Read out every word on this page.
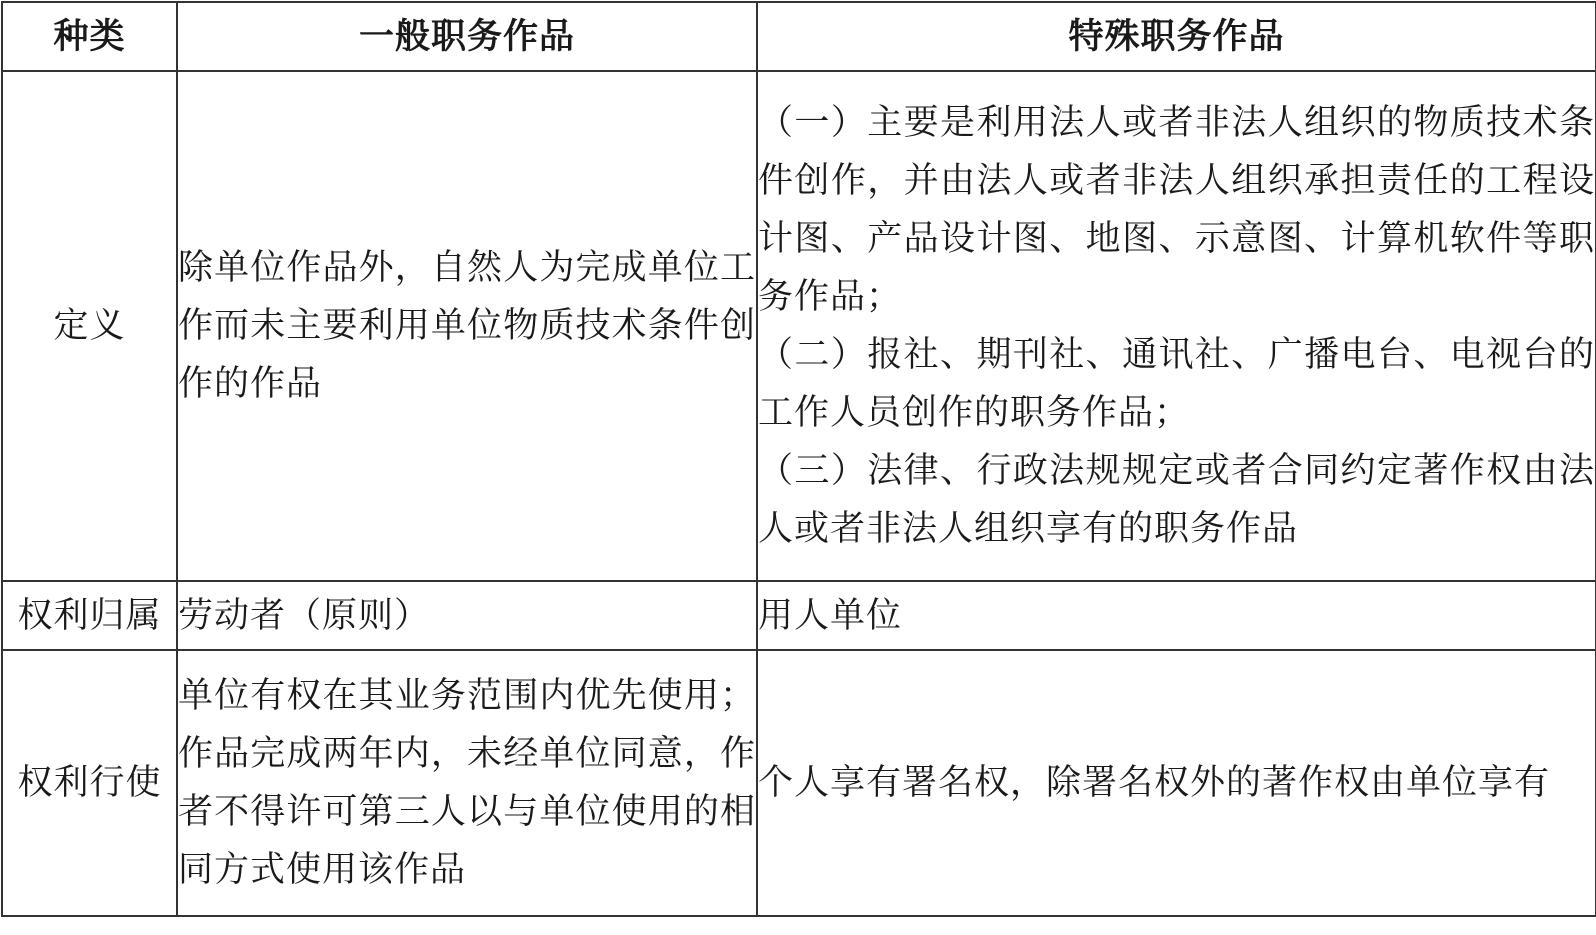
种类	一般职务作品	特殊职务作品
定义	除单位作品外，自然人为完成单位工作而未主要利用单位物质技术条件创作的作品	（一）主要是利用法人或者非法人组织的物质技术条件创作，并由法人或者非法人组织承担责任的工程设计图、产品设计图、地图、示意图、计算机软件等职务作品；
（二）报社、期刊社、通讯社、广播电台、电视台的工作人员创作的职务作品；
（三）法律、行政法规规定或者合同约定著作权由法人或者非法人组织享有的职务作品

权利归属	劳动者（原则）	用人单位
权利行使	单位有权在其业务范围内优先使用；作品完成两年内，未经单位同意，作者不得许可第三人以与单位使用的相同方式使用该作品	个人享有署名权，除署名权外的著作权由单位享有
